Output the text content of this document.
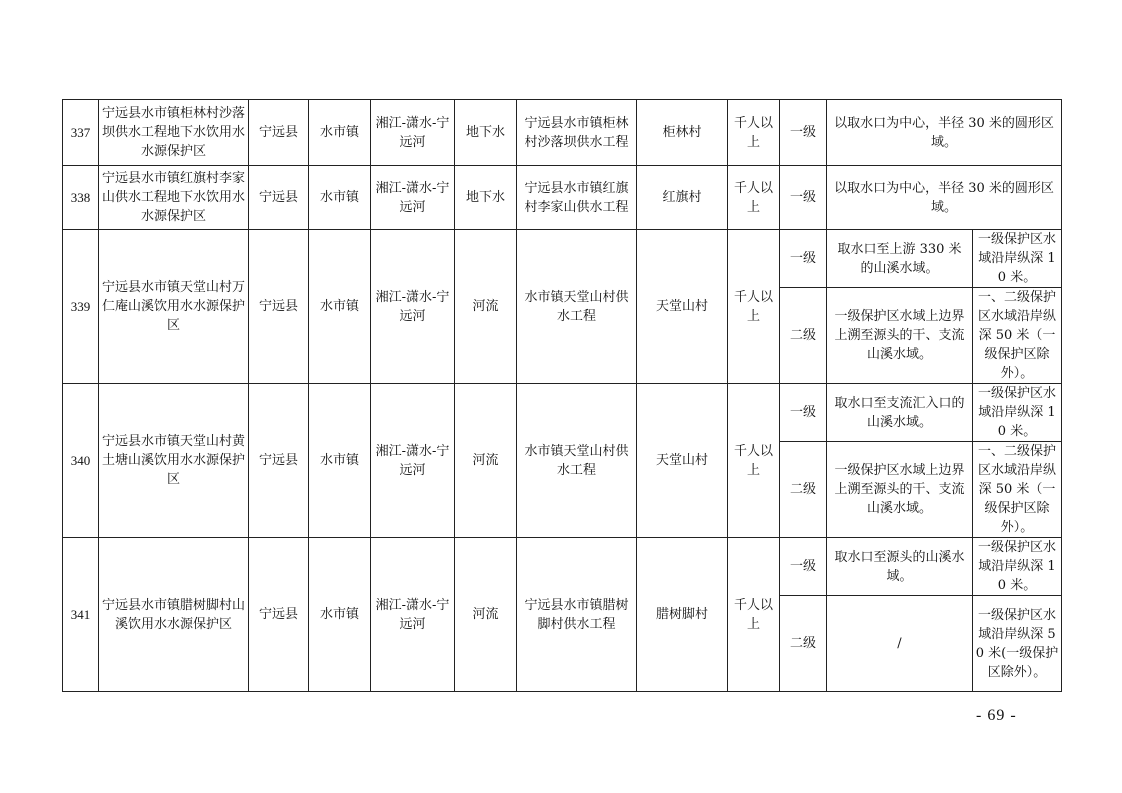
337	宁远县水市镇柜林村沙落坝供水工程地下水饮用水水源保护区	宁远县	水市镇	湘江-潇水-宁远河	地下水	宁远县水市镇柜林村沙落坝供水工程	柜林村	千人以上	一级	以取水口为中心，半径 30 米的圆形区域。	
338	宁远县水市镇红旗村李家山供水工程地下水饮用水水源保护区	宁远县	水市镇	湘江-潇水-宁远河	地下水	宁远县水市镇红旗村李家山供水工程	红旗村	千人以上	一级	以取水口为中心，半径 30 米的圆形区域。	
339	宁远县水市镇天堂山村万仁庵山溪饮用水水源保护区	宁远县	水市镇	湘江-潇水-宁远河	河流	水市镇天堂山村供水工程	天堂山村	千人以上	一级	取水口至上游 330 米的山溪水域。	一级保护区水域沿岸纵深 10 米。
									二级	一级保护区水域上边界上溯至源头的干、支流山溪水域。	一、二级保护区水域沿岸纵深 50 米（一级保护区除外）。
340	宁远县水市镇天堂山村黄土塘山溪饮用水水源保护区	宁远县	水市镇	湘江-潇水-宁远河	河流	水市镇天堂山村供水工程	天堂山村	千人以上	一级	取水口至支流汇入口的山溪水域。	一级保护区水域沿岸纵深 10 米。
									二级	一级保护区水域上边界上溯至源头的干、支流山溪水域。	一、二级保护区水域沿岸纵深 50 米（一级保护区除外）。
341	宁远县水市镇腊树脚村山溪饮用水水源保护区	宁远县	水市镇	湘江-潇水-宁远河	河流	宁远县水市镇腊树脚村供水工程	腊树脚村	千人以上	一级	取水口至源头的山溪水域。	一级保护区水域沿岸纵深 10 米。
									二级	/	一级保护区水域沿岸纵深 50 米(一级保护区除外）。
- 69 -
